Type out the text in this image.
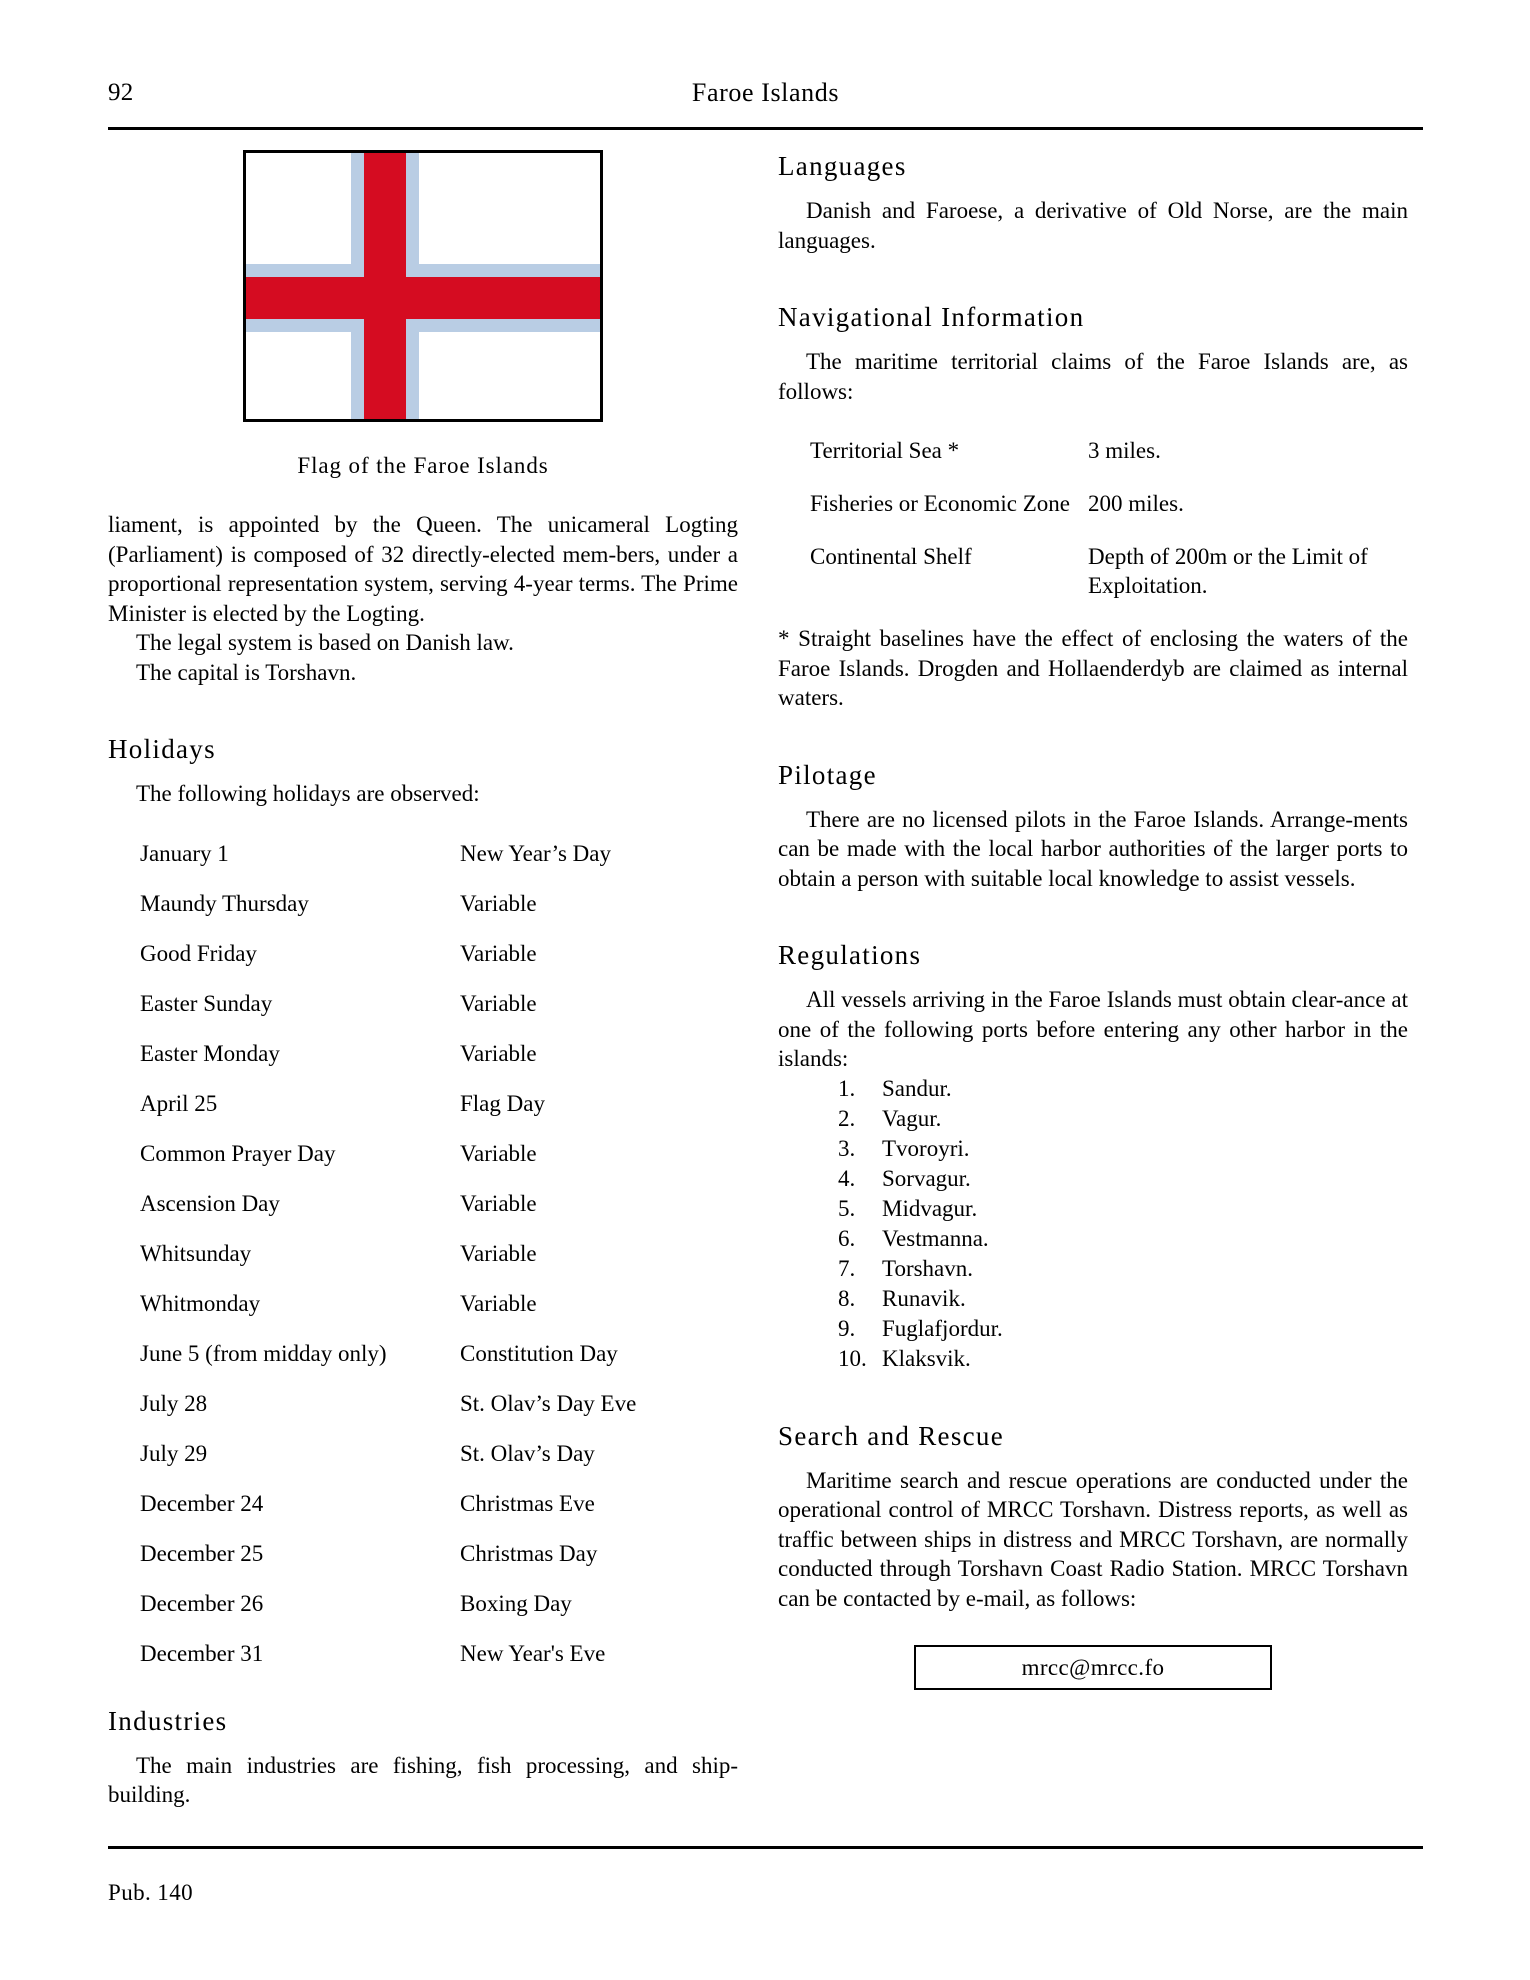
92	Faroe Islands
Flag of the Faroe Islands

liament, is appointed by the Queen. The unicameral Logting (Parliament) is composed of 32 directly-elected mem-bers, under a proportional representation system, serving 4-year terms. The Prime Minister is elected by the Logting.

The legal system is based on Danish law.

The capital is Torshavn.

Holidays

The following holidays are observed:

January 1	New Year’s Day
Maundy Thursday	Variable
Good Friday	Variable
Easter Sunday	Variable
Easter Monday	Variable
April 25	Flag Day
Common Prayer Day	Variable
Ascension Day	Variable
Whitsunday	Variable
Whitmonday	Variable
June 5 (from midday only)	Constitution Day
July 28	St. Olav’s Day Eve
July 29	St. Olav’s Day
December 24	Christmas Eve
December 25	Christmas Day
December 26	Boxing Day
December 31	New Year's Eve
Industries

The main industries are fishing, fish processing, and ship-building.

Languages

Danish and Faroese, a derivative of Old Norse, are the main languages.

Navigational Information

The maritime territorial claims of the Faroe Islands are, as follows:

Territorial Sea *	3 miles.
Fisheries or Economic Zone	200 miles.
Continental Shelf	Depth of 200m or the Limit of Exploitation.

* Straight baselines have the effect of enclosing the waters of the Faroe Islands. Drogden and Hollaenderdyb are claimed as internal waters.

Pilotage

There are no licensed pilots in the Faroe Islands. Arrange-ments can be made with the local harbor authorities of the larger ports to obtain a person with suitable local knowledge to assist vessels.

Regulations

All vessels arriving in the Faroe Islands must obtain clear-ance at one of the following ports before entering any other harbor in the islands:

1.	Sandur.
2.	Vagur.
3.	Tvoroyri.
4.	Sorvagur.
5.	Midvagur.
6.	Vestmanna.
7.	Torshavn.
8.	Runavik.
9.	Fuglafjordur.
10. Klaksvik.
Search and Rescue

Maritime search and rescue operations are conducted under the operational control of MRCC Torshavn. Distress reports, as well as traffic between ships in distress and MRCC Torshavn, are normally conducted through Torshavn Coast Radio Station. MRCC Torshavn can be contacted by e-mail, as follows:

mrcc@mrcc.fo
Pub. 140
